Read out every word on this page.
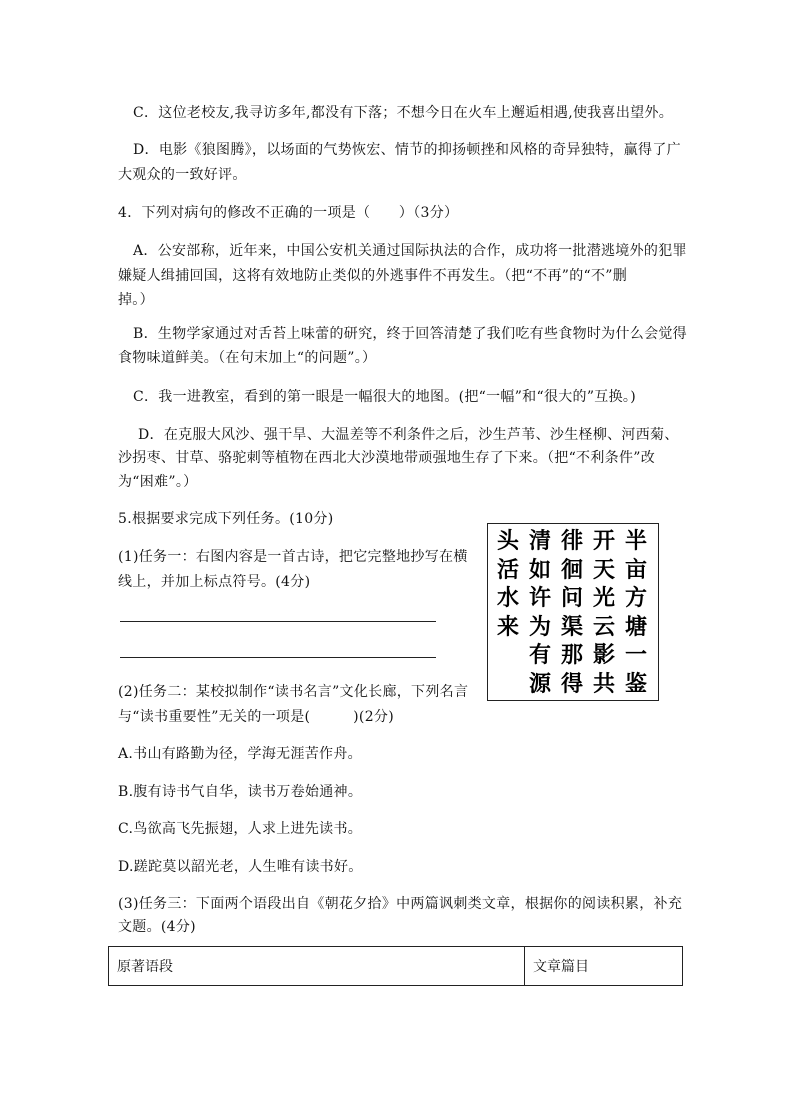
C．这位老校友,我寻访多年,都没有下落；不想今日在火车上邂逅相遇,使我喜出望外。
D．电影《狼图腾》，以场面的气势恢宏、情节的抑扬顿挫和风格的奇异独特，赢得了广
大观众的一致好评。
4．下列对病句的修改不正确的一项是（　　）（3分）
A．公安部称，近年来，中国公安机关通过国际执法的合作，成功将一批潜逃境外的犯罪
嫌疑人缉捕回国，这将有效地防止类似的外逃事件不再发生。（把“不再”的“不”删
掉。）
B．生物学家通过对舌苔上味蕾的研究，终于回答清楚了我们吃有些食物时为什么会觉得
食物味道鲜美。（在句末加上“的问题”。）
C．我一进教室，看到的第一眼是一幅很大的地图。(把“一幅”和“很大的”互换。)
D．在克服大风沙、强干旱、大温差等不利条件之后，沙生芦苇、沙生柽柳、河西菊、
沙拐枣、甘草、骆驼刺等植物在西北大沙漠地带顽强地生存了下来。（把“不利条件”改
为“困难”。）
5.根据要求完成下列任务。(10分)
(1)任务一：右图内容是一首古诗，把它完整地抄写在横
线上，并加上标点符号。(4分)
(2)任务二：某校拟制作“读书名言”文化长廊，下列名言
与“读书重要性”无关的一项是(　　　)(2分)
A.书山有路勤为径，学海无涯苦作舟。
B.腹有诗书气自华，读书万卷始通神。
C.鸟欲高飞先振翅，人求上进先读书。
D.蹉跎莫以韶光老，人生唯有读书好。
(3)任务三：下面两个语段出自《朝花夕拾》中两篇讽刺类文章，根据你的阅读积累，补充
文题。(4分)
半
亩
方
塘
一
鉴
开
天
光
云
影
共
徘
徊
问
渠
那
得
清
如
许
为
有
源
头
活
水
来
原著语段	文章篇目
